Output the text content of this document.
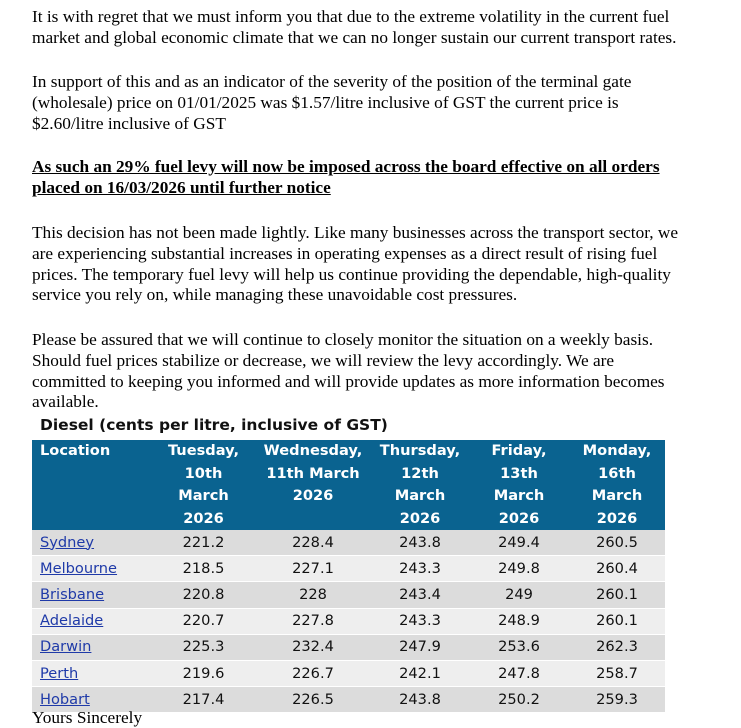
It is with regret that we must inform you that due to the extreme volatility in the current fuel
market and global economic climate that we can no longer sustain our current transport rates.

In support of this and as an indicator of the severity of the position of the terminal gate
(wholesale) price on 01/01/2025 was $1.57/litre inclusive of GST the current price is
$2.60/litre inclusive of GST

As such an 29% fuel levy will now be imposed across the board effective on all orders
placed on 16/03/2026 until further notice

This decision has not been made lightly. Like many businesses across the transport sector, we
are experiencing substantial increases in operating expenses as a direct result of rising fuel
prices. The temporary fuel levy will help us continue providing the dependable, high-quality
service you rely on, while managing these unavoidable cost pressures.

Please be assured that we will continue to closely monitor the situation on a weekly basis.
Should fuel prices stabilize or decrease, we will review the levy accordingly. We are
committed to keeping you informed and will provide updates as more information becomes
available.

Diesel (cents per litre, inclusive of GST)
Location	Tuesday,
10th
March
2026	Wednesday,
11th March
2026	Thursday,
12th
March
2026	Friday,
13th
March
2026	Monday,
16th
March
2026
Sydney	221.2	228.4	243.8	249.4	260.5
Melbourne	218.5	227.1	243.3	249.8	260.4
Brisbane	220.8	228	243.4	249	260.1
Adelaide	220.7	227.8	243.3	248.9	260.1
Darwin	225.3	232.4	247.9	253.6	262.3
Perth	219.6	226.7	242.1	247.8	258.7
Hobart	217.4	226.5	243.8	250.2	259.3
Yours Sincerely
